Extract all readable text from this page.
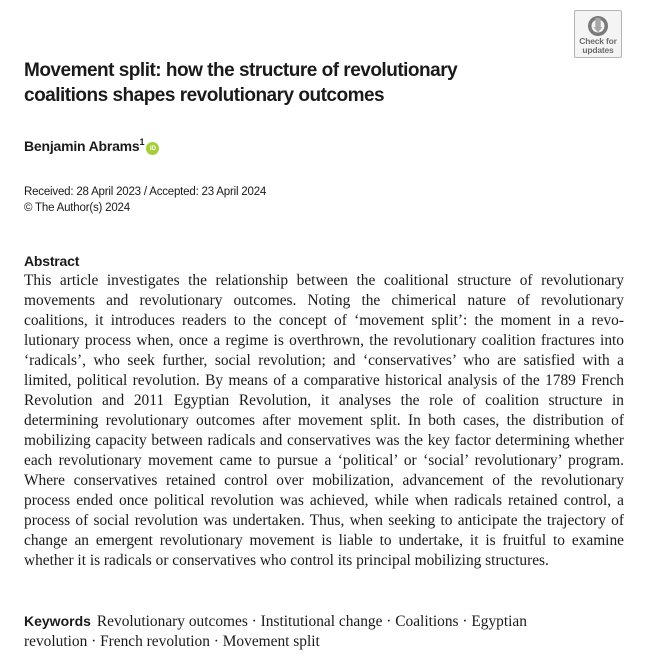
Check for
updates
Movement split: how the structure of revolutionary coalitions shapes revolutionary outcomes
Benjamin Abrams$^1$iD
Received: 28 April 2023 / Accepted: 23 April 2024
© The Author(s) 2024
Abstract

This article investigates the relationship between the coalitional structure of revolutionary movements and revolutionary outcomes. Noting the chimerical nature of revolutionary coalitions, it introduces readers to the concept of ‘movement split’: the moment in a revolutionary process when, once a regime is overthrown, the revolutionary coalition fractures into ‘radicals’, who seek further, social revolution; and ‘conservatives’ who are satisfied with a limited, political revolution. By means of a comparative historical analysis of the 1789 French Revolution and 2011 Egyptian Revolution, it analyses the role of coalition structure in determining revolutionary outcomes after movement split. In both cases, the distribution of mobilizing capacity between radicals and conservatives was the key factor determining whether each revolutionary movement came to pursue a ‘political’ or ‘social’ revolutionary’ program. Where conservatives retained control over mobilization, advancement of the revolutionary process ended once political revolution was achieved, while when radicals retained control, a process of social revolution was undertaken. Thus, when seeking to anticipate the trajectory of change an emergent revolutionary movement is liable to undertake, it is fruitful to examine whether it is radicals or conservatives who control its principal mobilizing structures.

Keywords Revolutionary outcomes · Institutional change · Coalitions · Egyptian revolution · French revolution · Movement split
